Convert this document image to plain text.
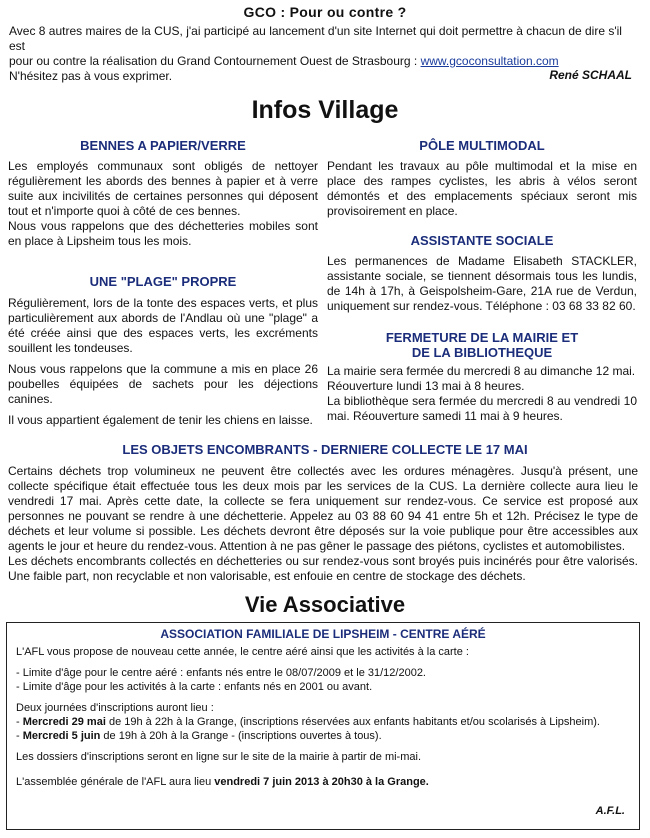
GCO : Pour ou contre ?

Avec 8 autres maires de la CUS, j'ai participé au lancement d'un site Internet qui doit permettre à chacun de dire s'il est

pour ou contre la réalisation du Grand Contournement Ouest de Strasbourg : www.gcoconsultation.com

N'hésitez pas à vous exprimer.	René SCHAAL
Infos Village
BENNES A PAPIER/VERRE

Les employés communaux sont obligés de nettoyer régulièrement les abords des bennes à papier et à verre suite aux incivilités de certaines personnes qui déposent tout et n'importe quoi à côté de ces bennes.

Nous vous rappelons que des déchetteries mobiles sont en place à Lipsheim tous les mois.

UNE "PLAGE" PROPRE

Régulièrement, lors de la tonte des espaces verts, et plus particulièrement aux abords de l'Andlau où une "plage" a été créée ainsi que des espaces verts, les excréments souillent les tondeuses.

Nous vous rappelons que la commune a mis en place 26 poubelles équipées de sachets pour les déjections canines.

Il vous appartient également de tenir les chiens en laisse.

PÔLE MULTIMODAL

Pendant les travaux au pôle multimodal et la mise en place des rampes cyclistes, les abris à vélos seront démontés et des emplacements spéciaux seront mis provisoirement en place.

ASSISTANTE SOCIALE

Les permanences de Madame Elisabeth STACKLER, assistante sociale, se tiennent désormais tous les lundis, de 14h à 17h, à Geispolsheim-Gare, 21A rue de Verdun, uniquement sur rendez-vous. Téléphone : 03 68 33 82 60.

FERMETURE DE LA MAIRIE ET
DE LA BIBLIOTHEQUE

La mairie sera fermée du mercredi 8 au dimanche 12 mai.

Réouverture lundi 13 mai à 8 heures.

La bibliothèque sera fermée du mercredi 8 au vendredi 10 mai. Réouverture samedi 11 mai à 9 heures.

LES OBJETS ENCOMBRANTS - DERNIERE COLLECTE LE 17 MAI

Certains déchets trop volumineux ne peuvent être collectés avec les ordures ménagères. Jusqu'à présent, une collecte spécifique était effectuée tous les deux mois par les services de la CUS. La dernière collecte aura lieu le vendredi 17 mai. Après cette date, la collecte se fera uniquement sur rendez-vous. Ce service est proposé aux personnes ne pouvant se rendre à une déchetterie. Appelez au 03 88 60 94 41 entre 5h et 12h. Précisez le type de déchets et leur volume si possible. Les déchets devront être déposés sur la voie publique pour être accessibles aux agents le jour et heure du rendez-vous. Attention à ne pas gêner le passage des piétons, cyclistes et automobilistes.

Les déchets encombrants collectés en déchetteries ou sur rendez-vous sont broyés puis incinérés pour être valorisés. Une faible part, non recyclable et non valorisable, est enfouie en centre de stockage des déchets.

Vie Associative
ASSOCIATION FAMILIALE DE LIPSHEIM - CENTRE AÉRÉ

L'AFL vous propose de nouveau cette année, le centre aéré ainsi que les activités à la carte :

- Limite d'âge pour le centre aéré : enfants nés entre le 08/07/2009 et le 31/12/2002.

- Limite d'âge pour les activités à la carte : enfants nés en 2001 ou avant.

Deux journées d'inscriptions auront lieu :

- Mercredi 29 mai de 19h à 22h à la Grange, (inscriptions réservées aux enfants habitants et/ou scolarisés à Lipsheim).

- Mercredi 5 juin de 19h à 20h à la Grange - (inscriptions ouvertes à tous).

Les dossiers d'inscriptions seront en ligne sur le site de la mairie à partir de mi-mai.

L'assemblée générale de l'AFL aura lieu vendredi 7 juin 2013 à 20h30 à la Grange.

A.F.L.
